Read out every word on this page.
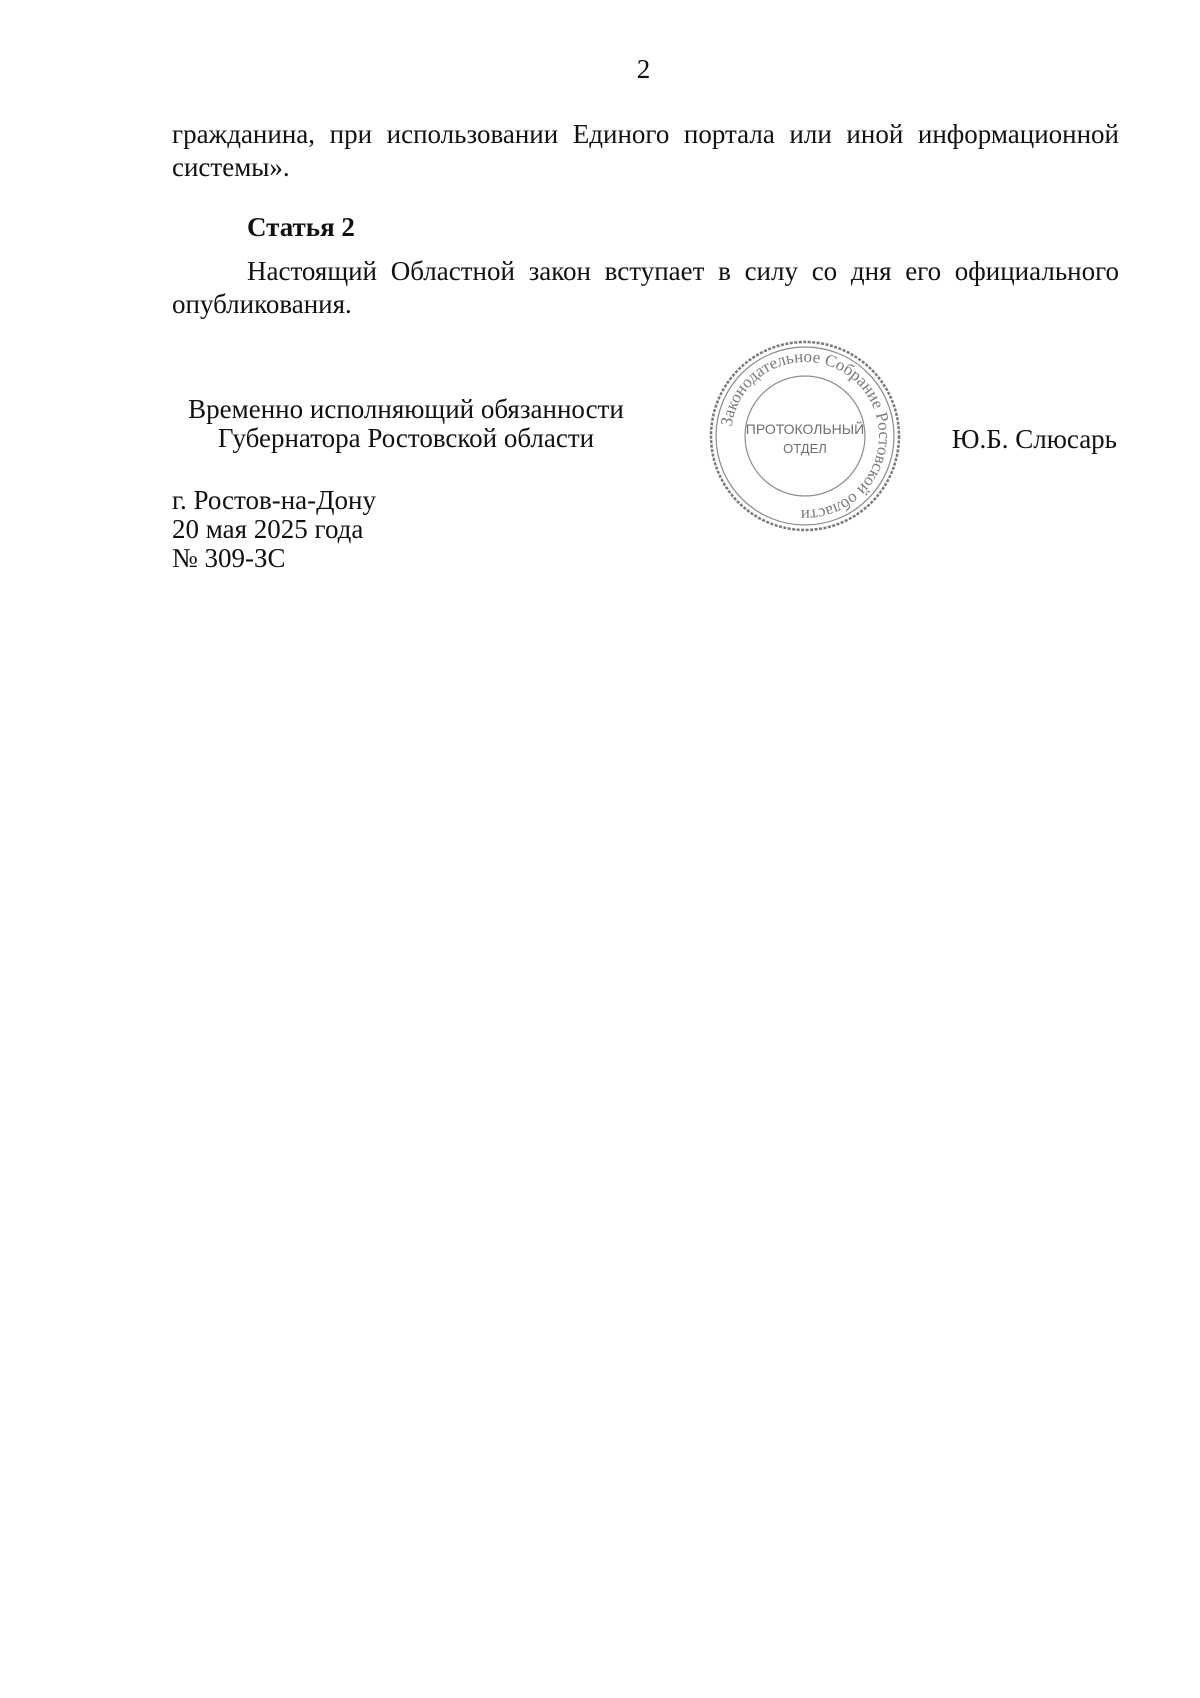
2

гражданина, при использовании Единого портала или иной информационной системы».

Статья 2

Настоящий Областной закон вступает в силу со дня его официального опубликования.

Временно исполняющий обязанности
Губернатора Ростовской области
Законодательное Собрание Ростовской области
ПРОТОКОЛЬНЫЙ
ОТДЕЛ	Ю.Б. Слюсарь
г. Ростов-на-Дону
20 мая 2025 года
№ 309-ЗС
